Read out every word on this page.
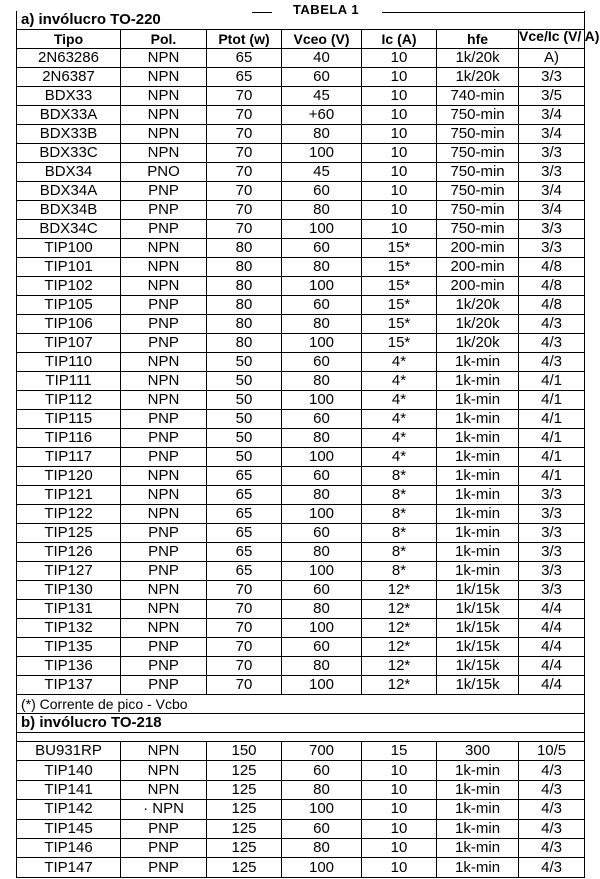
TABELA 1
a) invólucro TO-220						
Tipo	Pol.	Ptot (w)	Vceo (V)	Ic (A)	hfe	Vce/Ic (V/ A)
2N63286	NPN	65	40	10	1k/20k	A)
2N6387	NPN	65	60	10	1k/20k	3/3
BDX33	NPN	70	45	10	740-min	3/5
BDX33A	NPN	70	+60	10	750-min	3/4
BDX33B	NPN	70	80	10	750-min	3/4
BDX33C	NPN	70	100	10	750-min	3/3
BDX34	PNO	70	45	10	750-min	3/3
BDX34A	PNP	70	60	10	750-min	3/4
BDX34B	PNP	70	80	10	750-min	3/4
BDX34C	PNP	70	100	10	750-min	3/3
TIP100	NPN	80	60	15*	200-min	3/3
TIP101	NPN	80	80	15*	200-min	4/8
TIP102	NPN	80	100	15*	200-min	4/8
TIP105	PNP	80	60	15*	1k/20k	4/8
TIP106	PNP	80	80	15*	1k/20k	4/3
TIP107	PNP	80	100	15*	1k/20k	4/3
TIP110	NPN	50	60	4*	1k-min	4/3
TIP111	NPN	50	80	4*	1k-min	4/1
TIP112	NPN	50	100	4*	1k-min	4/1
TIP115	PNP	50	60	4*	1k-min	4/1
TIP116	PNP	50	80	4*	1k-min	4/1
TIP117	PNP	50	100	4*	1k-min	4/1
TIP120	NPN	65	60	8*	1k-min	4/1
TIP121	NPN	65	80	8*	1k-min	3/3
TIP122	NPN	65	100	8*	1k-min	3/3
TIP125	PNP	65	60	8*	1k-min	3/3
TIP126	PNP	65	80	8*	1k-min	3/3
TIP127	PNP	65	100	8*	1k-min	3/3
TIP130	NPN	70	60	12*	1k/15k	3/3
TIP131	NPN	70	80	12*	1k/15k	4/4
TIP132	NPN	70	100	12*	1k/15k	4/4
TIP135	PNP	70	60	12*	1k/15k	4/4
TIP136	PNP	70	80	12*	1k/15k	4/4
TIP137	PNP	70	100	12*	1k/15k	4/4
(*) Corrente de pico - Vcbo						
b) invólucro TO-218						

BU931RP	NPN	150	700	15	300	10/5
TIP140	NPN	125	60	10	1k-min	4/3
TIP141	NPN	125	80	10	1k-min	4/3
TIP142	· NPN	125	100	10	1k-min	4/3
TIP145	PNP	125	60	10	1k-min	4/3
TIP146	PNP	125	80	10	1k-min	4/3
TIP147	PNP	125	100	10	1k-min	4/3
